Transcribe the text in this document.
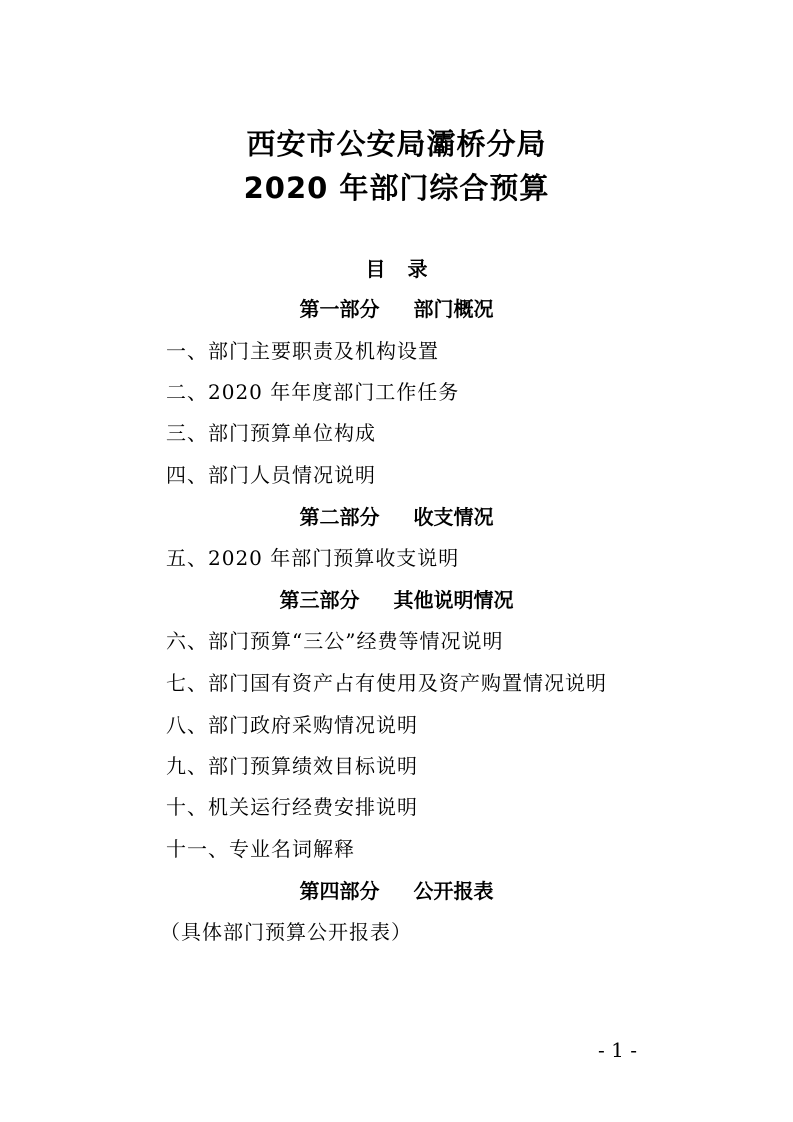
西安市公安局灞桥分局
2020 年部门综合预算
目 录
第一部分 部门概况
一、部门主要职责及机构设置
二、2020 年年度部门工作任务
三、部门预算单位构成
四、部门人员情况说明
第二部分 收支情况
五、2020 年部门预算收支说明
第三部分 其他说明情况
六、部门预算“三公”经费等情况说明
七、部门国有资产占有使用及资产购置情况说明
八、部门政府采购情况说明
九、部门预算绩效目标说明
十、机关运行经费安排说明
十一、专业名词解释
第四部分 公开报表
（具体部门预算公开报表）
- 1 -
